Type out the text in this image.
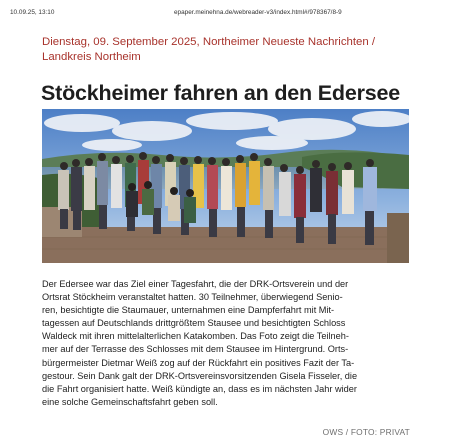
10.09.25, 13:10	epaper.meinehna.de/webreader-v3/index.html#/978367/8-9
Dienstag, 09. September 2025, Northeimer Neueste Nachrichten / Landkreis Northeim
Stöckheimer fahren an den Edersee
Der Edersee war das Ziel einer Tagesfahrt, die der DRK-Ortsverein und der
Ortsrat Stöckheim veranstaltet hatten. 30 Teilnehmer, überwiegend Senio-
ren, besichtigte die Staumauer, unternahmen eine Dampferfahrt mit Mit-
tagessen auf Deutschlands drittgrößtem Stausee und besichtigten Schloss
Waldeck mit ihren mittelalterlichen Katakomben. Das Foto zeigt die Teilneh-
mer auf der Terrasse des Schlosses mit dem Stausee im Hintergrund. Orts-
bürgermeister Dietmar Weiß zog auf der Rückfahrt ein positives Fazit der Ta-
gestour. Sein Dank galt der DRK-Ortsvereinsvorsitzenden Gisela Fisseler, die
die Fahrt organisiert hatte. Weiß kündigte an, dass es im nächsten Jahr wider
eine solche Gemeinschaftsfahrt geben soll.
OWS / FOTO: PRIVAT
